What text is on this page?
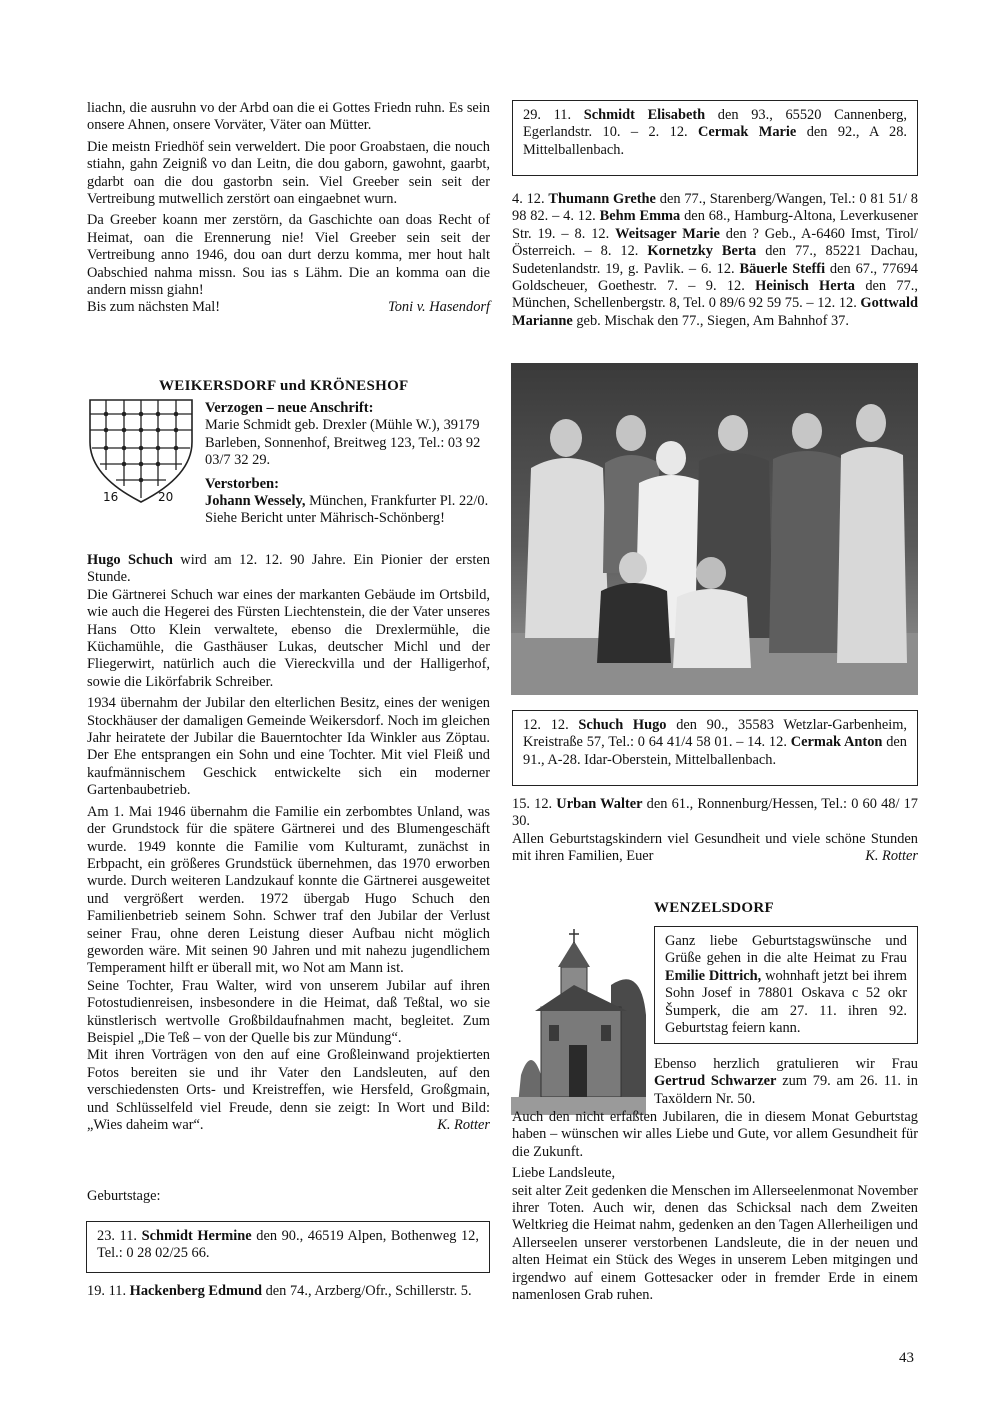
liachn, die ausruhn vo der Arbd oan die ei Gottes Friedn ruhn. Es sein onsere Ahnen, onsere Vorväter, Väter oan Mütter.

Die meistn Friedhöf sein verweldert. Die poor Groabstaen, die nouch stiahn, gahn Zeigniß vo dan Leitn, die dou gaborn, gawohnt, gaarbt, gdarbt oan die dou gastorbn sein. Viel Greeber sein seit der Vertreibung mutwellich zerstört oan eingaebnet wurn.

Da Greeber koann mer zerstörn, da Gaschichte oan doas Recht of Heimat, oan die Erennerung nie! Viel Greeber sein seit der Vertreibung anno 1946, dou oan durt derzu komma, mer hout halt Oabschied nahma missn. Sou ias s Lähm. Die an komma oan die andern missn giahn!

Bis zum nächsten Mal!	Toni v. Hasendorf
29. 11. Schmidt Elisabeth den 93., 65520 Cannenberg, Egerlandstr. 10. – 2. 12. Cermak Marie den 92., A 28. Mittelballenbach.

4. 12. Thumann Grethe den 77., Starenberg/Wangen, Tel.: 0 81 51/ 8 98 82. – 4. 12. Behm Emma den 68., Hamburg-Altona, Leverkusener Str. 19. – 8. 12. Weitsager Marie den ? Geb., A-6460 Imst, Tirol/Österreich. – 8. 12. Kornetzky Berta den 77., 85221 Dachau, Sudetenlandstr. 19, g. Pavlik. – 6. 12. Bäuerle Steffi den 67., 77694 Goldscheuer, Goethestr. 7. – 9. 12. Heinisch Herta den 77., München, Schellenbergstr. 8, Tel. 0 89/6 92 59 75. – 12. 12. Gottwald Marianne geb. Mischak den 77., Siegen, Am Bahnhof 37.

WEIKERSDORF und KRÖNESHOF
16	20
Verzogen – neue Anschrift:

Marie Schmidt geb. Drexler (Mühle W.), 39179 Barleben, Sonnenhof, Breitweg 123, Tel.: 03 92 03/7 32 29.

Verstorben:

Johann Wessely, München, Frankfurter Pl. 22/0. Siehe Bericht unter Mährisch-Schönberg!

Hugo Schuch wird am 12. 12. 90 Jahre. Ein Pionier der ersten Stunde.

Die Gärtnerei Schuch war eines der markanten Gebäude im Ortsbild, wie auch die Hegerei des Fürsten Liechtenstein, die der Vater unseres Hans Otto Klein verwaltete, ebenso die Drexlermühle, die Küchamühle, die Gasthäuser Lukas, deutscher Michl und der Fliegerwirt, natürlich auch die Viereckvilla und der Halligerhof, sowie die Likörfabrik Schreiber.

1934 übernahm der Jubilar den elterlichen Besitz, eines der wenigen Stockhäuser der damaligen Gemeinde Weikersdorf. Noch im gleichen Jahr heiratete der Jubilar die Bauerntochter Ida Winkler aus Zöptau. Der Ehe entsprangen ein Sohn und eine Tochter. Mit viel Fleiß und kaufmännischem Geschick entwickelte sich ein moderner Gartenbaubetrieb.

Am 1. Mai 1946 übernahm die Familie ein zerbombtes Unland, was der Grundstock für die spätere Gärtnerei und des Blumengeschäft wurde. 1949 konnte die Familie vom Kulturamt, zunächst in Erbpacht, ein größeres Grundstück übernehmen, das 1970 erworben wurde. Durch weiteren Landzukauf konnte die Gärtnerei ausgeweitet und vergrößert werden. 1972 übergab Hugo Schuch den Familienbetrieb seinem Sohn. Schwer traf den Jubilar der Verlust seiner Frau, ohne deren Leistung dieser Aufbau nicht möglich geworden wäre. Mit seinen 90 Jahren und mit nahezu jugendlichem Temperament hilft er überall mit, wo Not am Mann ist.

Seine Tochter, Frau Walter, wird von unserem Jubilar auf ihren Fotostudienreisen, insbesondere in die Heimat, daß Teßtal, wo sie künstlerisch wertvolle Großbildaufnahmen macht, begleitet. Zum Beispiel „Die Teß – von der Quelle bis zur Mündung“.

Mit ihren Vorträgen von den auf eine Großleinwand projektierten Fotos bereiten sie und ihr Vater den Landsleuten, auf den verschiedensten Orts- und Kreistreffen, wie Hersfeld, Großgmain, und Schlüsselfeld viel Freude, denn sie zeigt: In Wort und Bild: „Wies daheim war“.	K. Rotter

Geburtstage:
23. 11. Schmidt Hermine den 90., 46519 Alpen, Bothenweg 12, Tel.: 0 28 02/25 66.
19. 11. Hackenberg Edmund den 74., Arzberg/Ofr., Schillerstr. 5.
12. 12. Schuch Hugo den 90., 35583 Wetzlar-Garbenheim, Kreistraße 57, Tel.: 0 64 41/4 58 01. – 14. 12. Cermak Anton den 91., A-28. Idar-Oberstein, Mittelballenbach.

15. 12. Urban Walter den 61., Ronnenburg/Hessen, Tel.: 0 60 48/ 17 30.

Allen Geburtstagskindern viel Gesundheit und viele schöne Stunden mit ihren Familien, Euer	K. Rotter

WENZELSDORF
Ganz liebe Geburtstagswünsche und Grüße gehen in die alte Heimat zu Frau Emilie Dittrich, wohnhaft jetzt bei ihrem Sohn Josef in 78801 Oskava c 52 okr Šumperk, die am 27. 11. ihren 92. Geburtstag feiern kann.
Ebenso herzlich gratulieren wir Frau Gertrud Schwarzer zum 79. am 26. 11. in Taxöldern Nr. 50.

Auch den nicht erfaßten Jubilaren, die in diesem Monat Geburtstag haben – wünschen wir alles Liebe und Gute, vor allem Gesundheit für die Zukunft.

Liebe Landsleute,

seit alter Zeit gedenken die Menschen im Allerseelenmonat November ihrer Toten. Auch wir, denen das Schicksal nach dem Zweiten Weltkrieg die Heimat nahm, gedenken an den Tagen Allerheiligen und Allerseelen unserer verstorbenen Landsleute, die in der neuen und alten Heimat ein Stück des Weges in unserem Leben mitgingen und irgendwo auf einem Gottesacker oder in fremder Erde in einem namenlosen Grab ruhen.

43
